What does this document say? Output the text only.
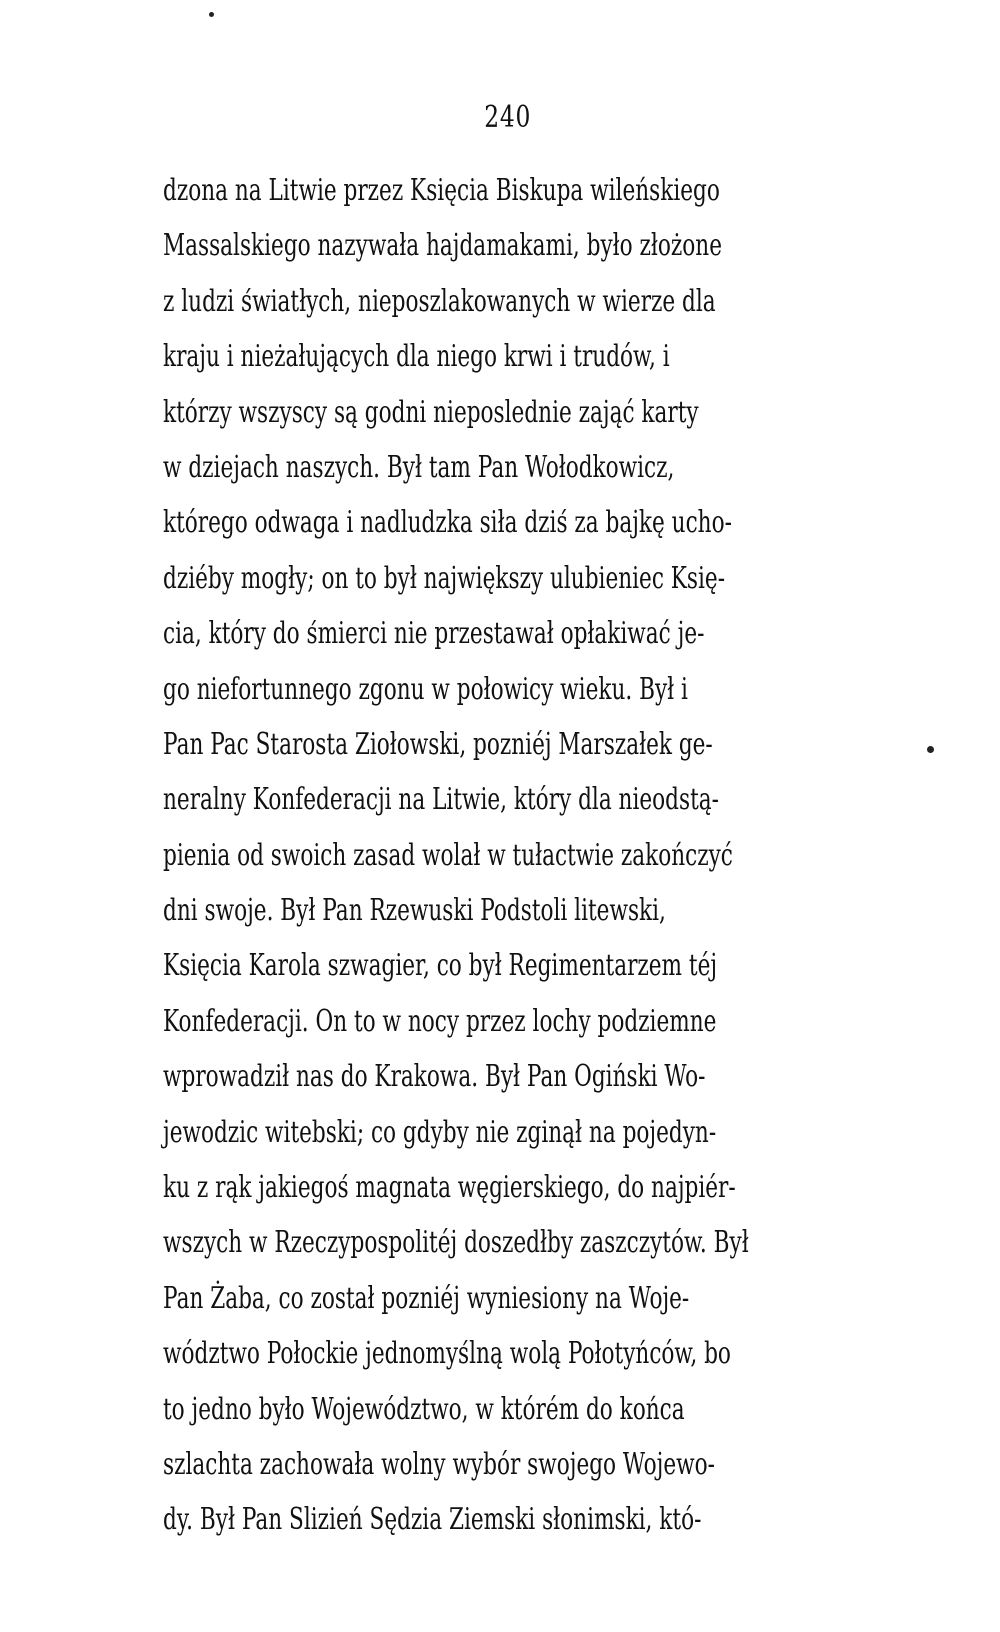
240
dzona na Litwie przez Księcia Biskupa wileńskiego
Massalskiego nazywała hajdamakami, było złożone
z ludzi światłych, nieposzlakowanych w wierze dla
kraju i nieżałujących dla niego krwi i trudów, i
którzy wszyscy są godni nieposlednie zająć karty
w dziejach naszych. Był tam Pan Wołodkowicz,
którego odwaga i nadludzka siła dziś za bajkę ucho-
dziéby mogły; on to był największy ulubieniec Księ-
cia, który do śmierci nie przestawał opłakiwać je-
go niefortunnego zgonu w połowicy wieku. Był i
Pan Pac Starosta Ziołowski, pozniéj Marszałek ge-
neralny Konfederacji na Litwie, który dla nieodstą-
pienia od swoich zasad wolał w tułactwie zakończyć
dni swoje. Był Pan Rzewuski Podstoli litewski,
Księcia Karola szwagier, co był Regimentarzem téj
Konfederacji. On to w nocy przez lochy podziemne
wprowadził nas do Krakowa. Był Pan Ogiński Wo-
jewodzic witebski; co gdyby nie zginął na pojedyn-
ku z rąk jakiegoś magnata węgierskiego, do najpiér-
wszych w Rzeczypospolitéj doszedłby zaszczytów. Był
Pan Żaba, co został pozniéj wyniesiony na Woje-
wództwo Połockie jednomyślną wolą Połotyńców, bo
to jedno było Województwo, w którém do końca
szlachta zachowała wolny wybór swojego Wojewo-
dy. Był Pan Slizień Sędzia Ziemski słonimski, któ-
